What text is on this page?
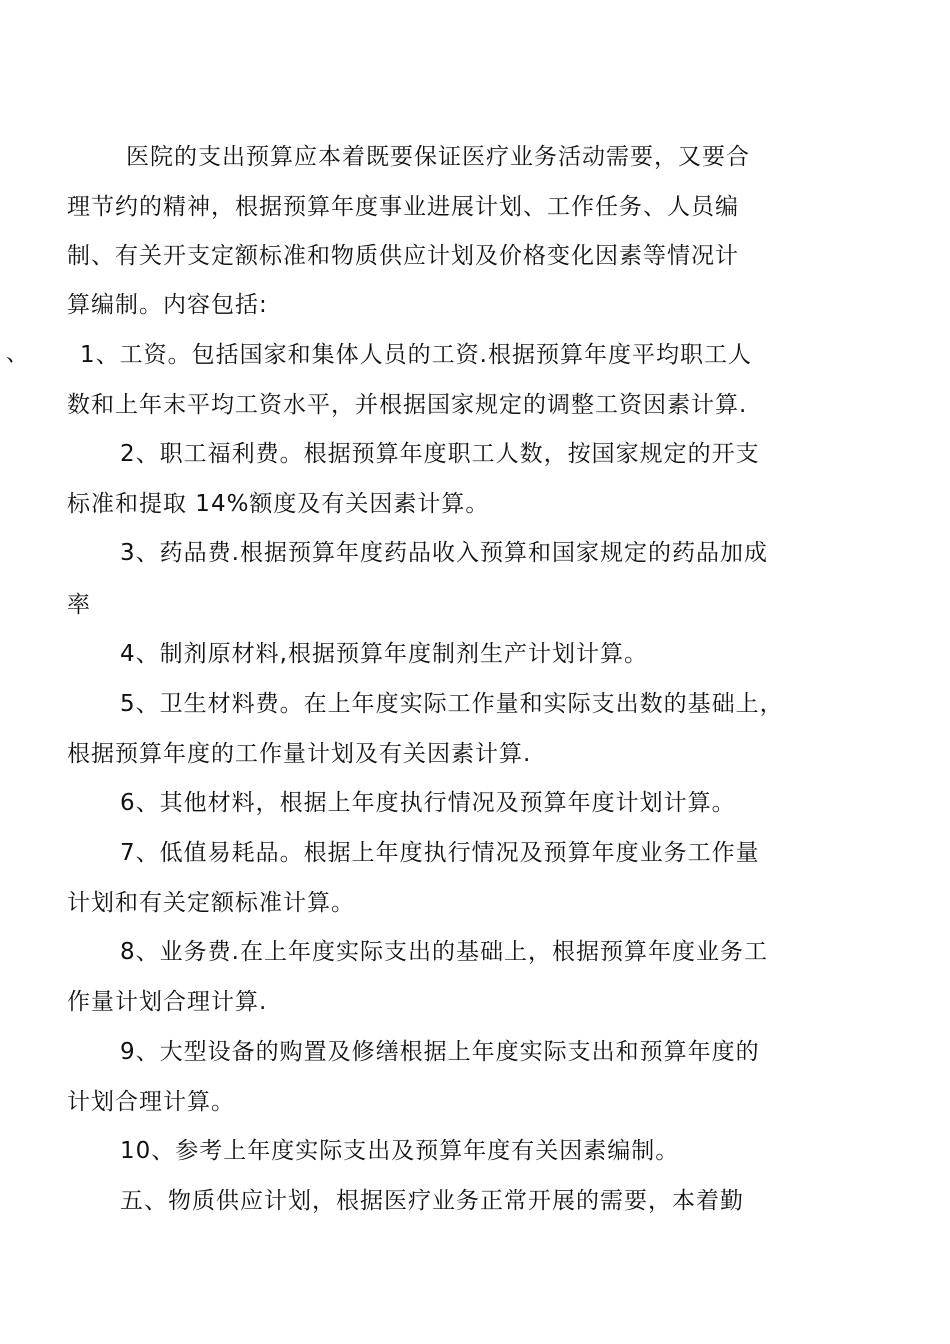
、
医院的支出预算应本着既要保证医疗业务活动需要，又要合
理节约的精神，根据预算年度事业进展计划、工作任务、人员编
制、有关开支定额标准和物质供应计划及价格变化因素等情况计
算编制。内容包括:
1、工资。包括国家和集体人员的工资.根据预算年度平均职工人
数和上年末平均工资水平，并根据国家规定的调整工资因素计算.
2、职工福利费。根据预算年度职工人数，按国家规定的开支
标准和提取 14%额度及有关因素计算。
3、药品费.根据预算年度药品收入预算和国家规定的药品加成
率
4、制剂原材料,根据预算年度制剂生产计划计算。
5、卫生材料费。在上年度实际工作量和实际支出数的基础上，
根据预算年度的工作量计划及有关因素计算.
6、其他材料，根据上年度执行情况及预算年度计划计算。
7、低值易耗品。根据上年度执行情况及预算年度业务工作量
计划和有关定额标准计算。
8、业务费.在上年度实际支出的基础上，根据预算年度业务工
作量计划合理计算.
9、大型设备的购置及修缮根据上年度实际支出和预算年度的
计划合理计算。
10、参考上年度实际支出及预算年度有关因素编制。
五、物质供应计划，根据医疗业务正常开展的需要，本着勤
